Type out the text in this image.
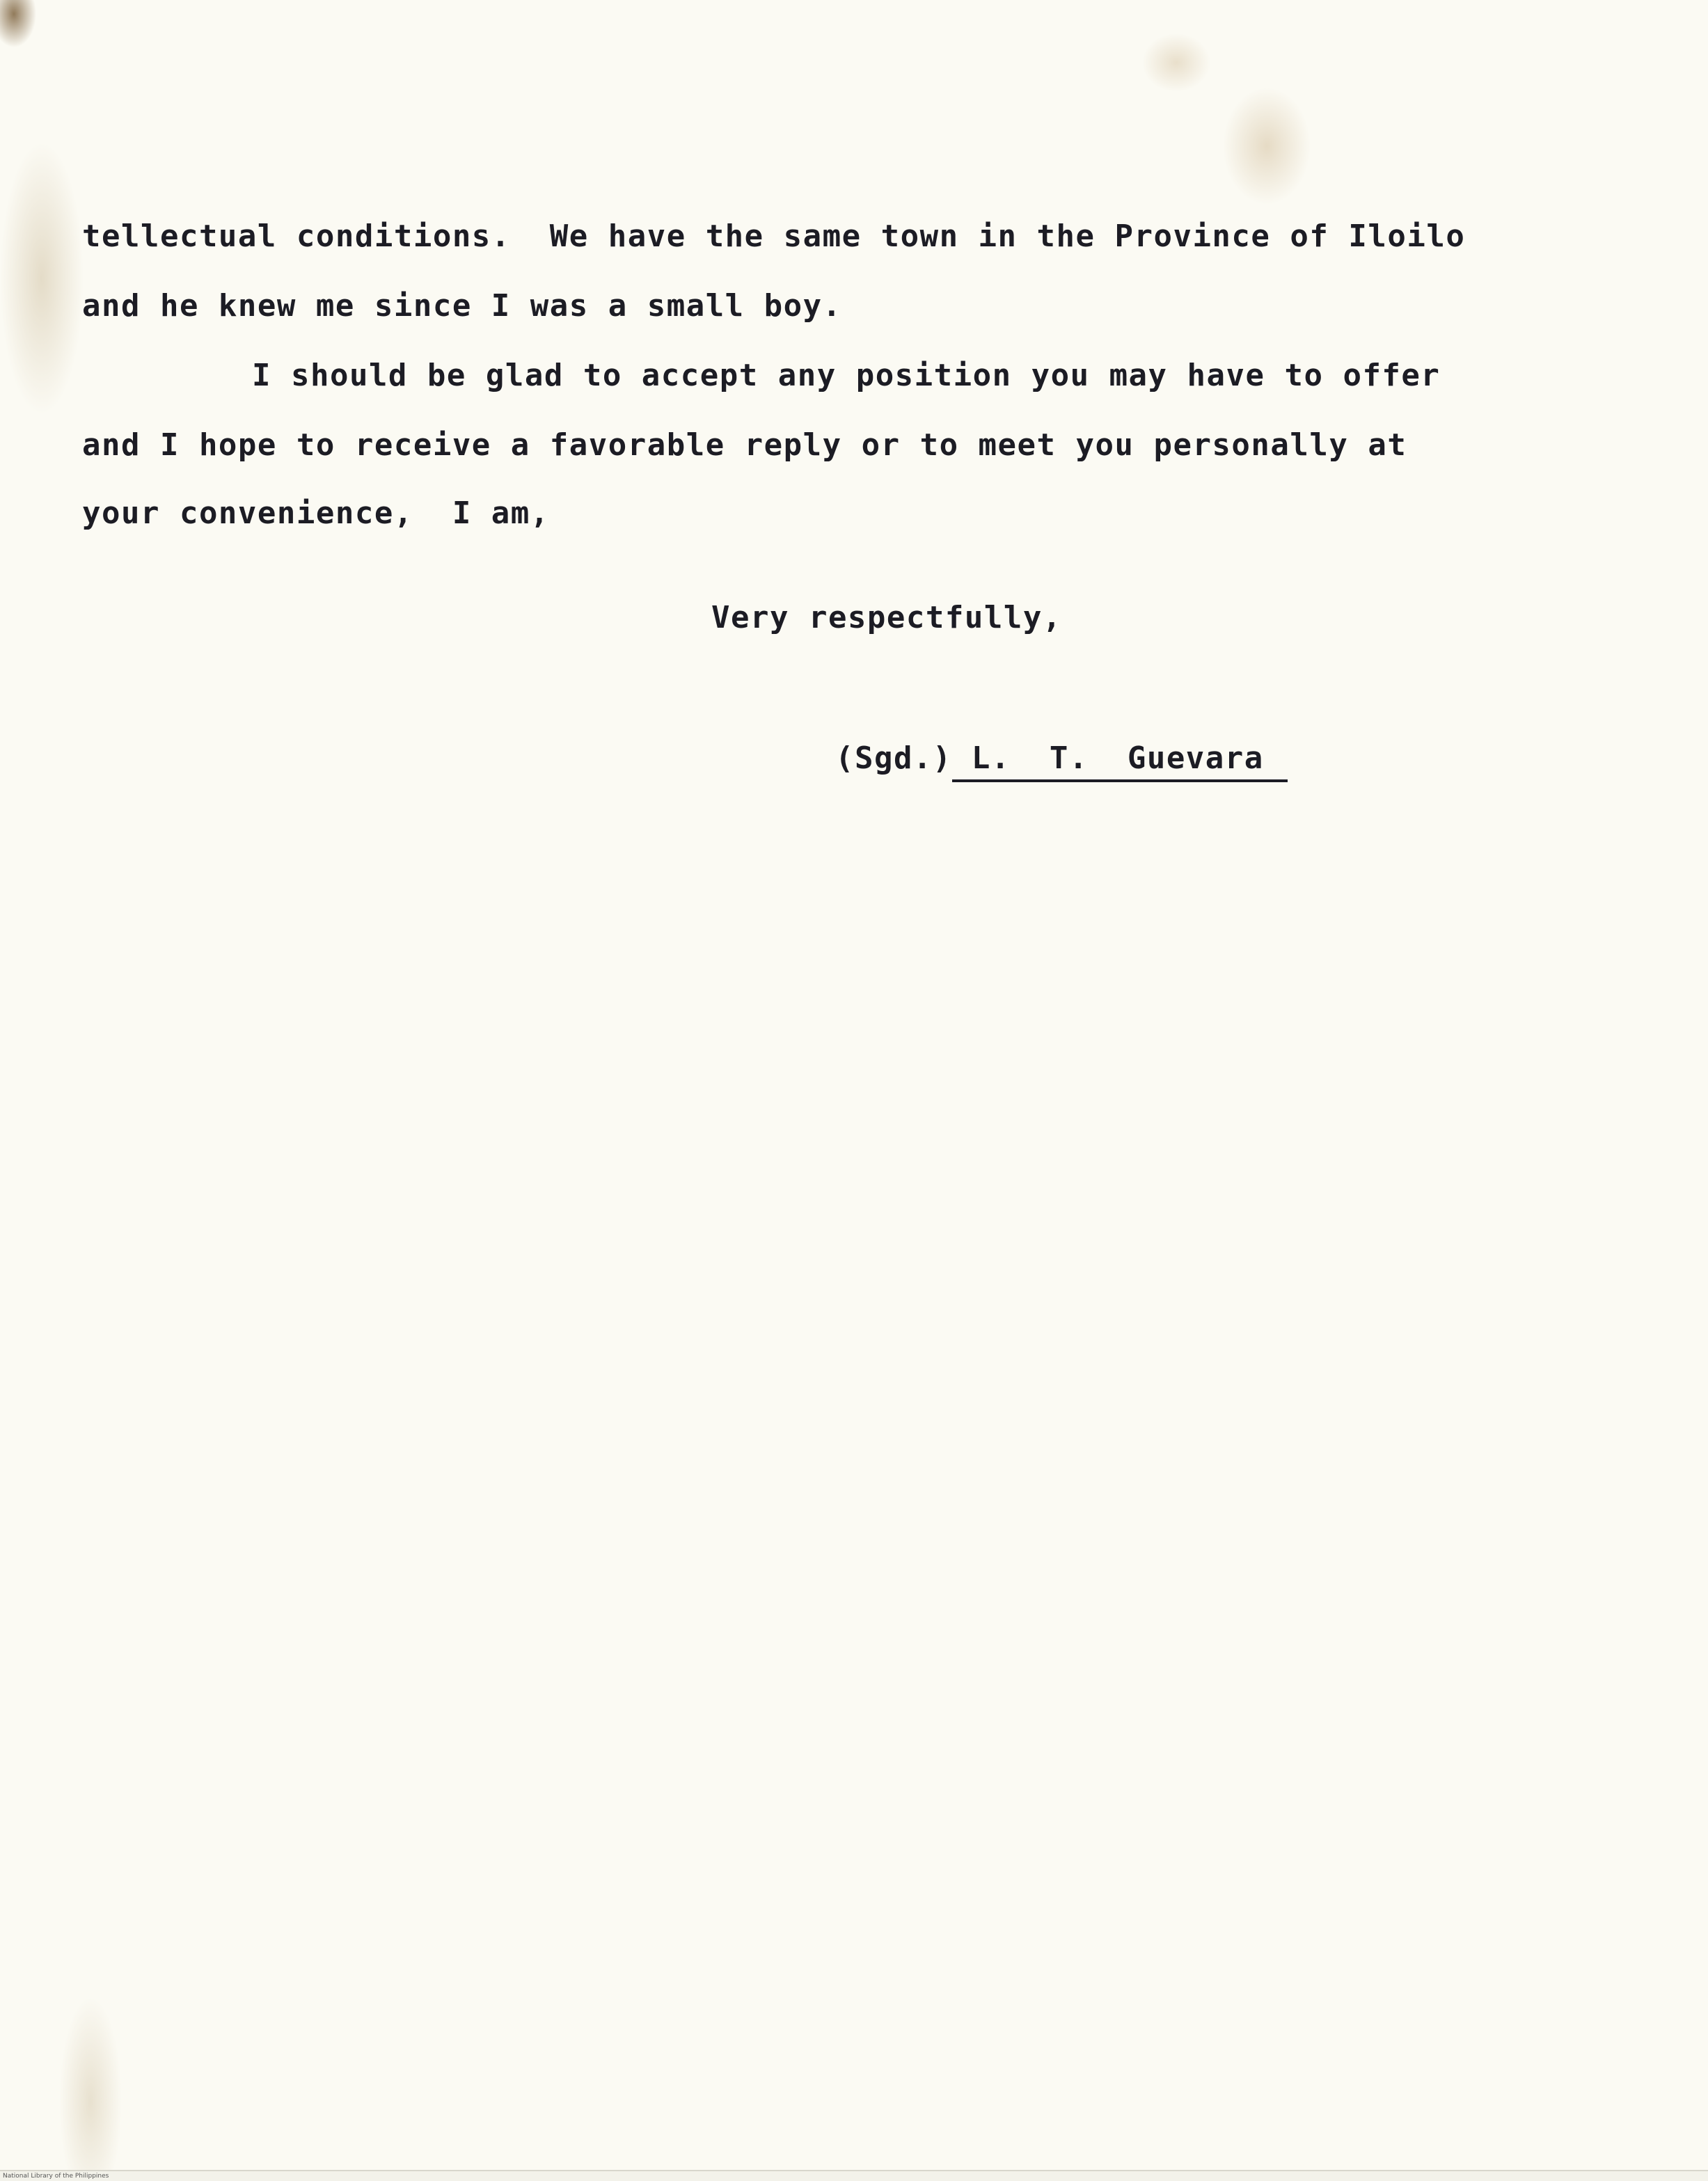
tellectual conditions.  We have the same town in the Province of Iloilo
and he knew me since I was a small boy.
I should be glad to accept any position you may have to offer
and I hope to receive a favorable reply or to meet you personally at
your convenience,  I am,
Very respectfully,

(Sgd.) L.  T.  Guevara

National Library of the Philippines
